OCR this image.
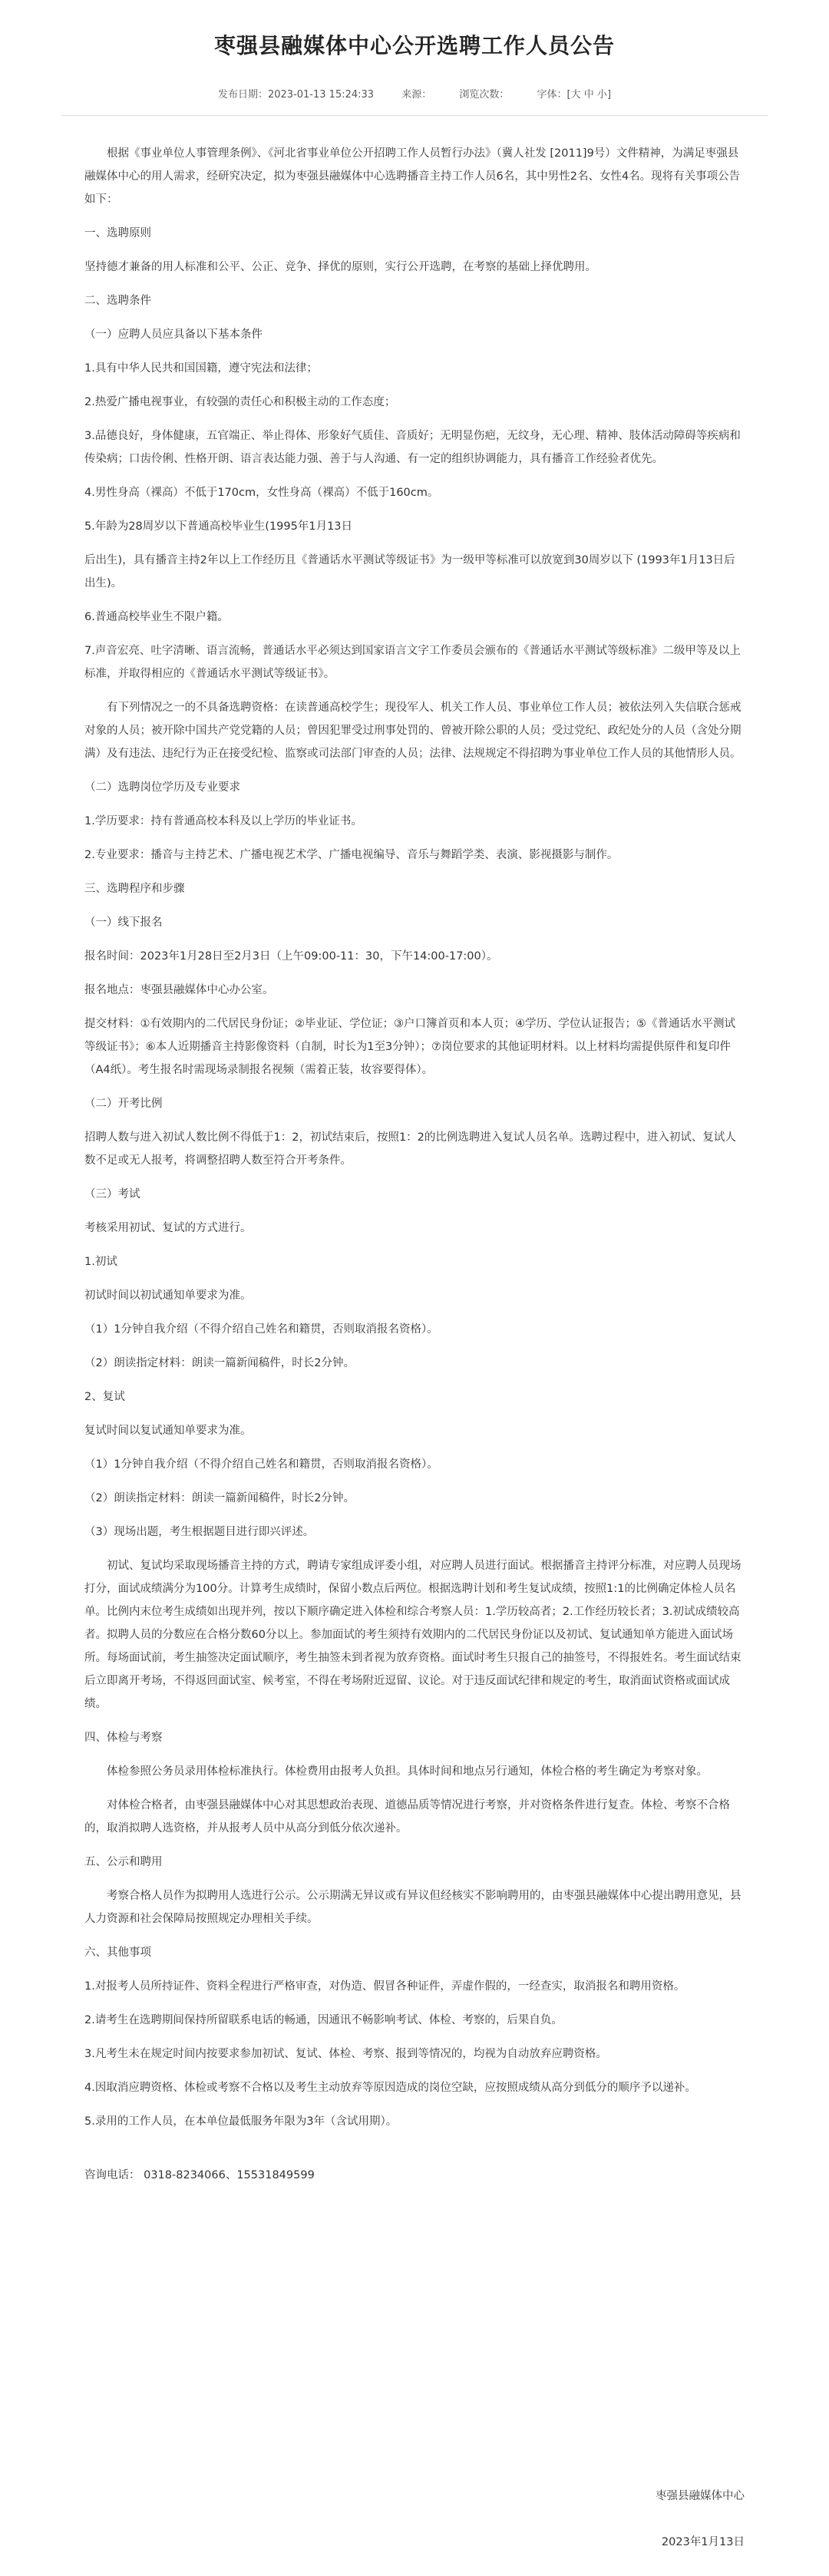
枣强县融媒体中心公开选聘工作人员公告
发布日期：2023-01-13 15:24:33	来源：	浏览次数：	字体：[大 中 小]

根据《事业单位人事管理条例》、《河北省事业单位公开招聘工作人员暂行办法》（冀人社发 [2011]9号）文件精神，为满足枣强县融媒体中心的用人需求，经研究决定，拟为枣强县融媒体中心选聘播音主持工作人员6名，其中男性2名、女性4名。现将有关事项公告如下：

一、选聘原则

坚持德才兼备的用人标准和公平、公正、竞争、择优的原则，实行公开选聘，在考察的基础上择优聘用。

二、选聘条件

（一）应聘人员应具备以下基本条件

1.具有中华人民共和国国籍，遵守宪法和法律；

2.热爱广播电视事业，有较强的责任心和积极主动的工作态度；

3.品德良好，身体健康，五官端正、举止得体、形象好气质佳、音质好；无明显伤疤，无纹身，无心理、精神、肢体活动障碍等疾病和传染病；口齿伶俐、性格开朗、语言表达能力强、善于与人沟通、有一定的组织协调能力，具有播音工作经验者优先。

4.男性身高（裸高）不低于170cm，女性身高（裸高）不低于160cm。

5.年龄为28周岁以下普通高校毕业生(1995年1月13日

后出生)，具有播音主持2年以上工作经历且《普通话水平测试等级证书》为一级甲等标准可以放宽到30周岁以下 (1993年1月13日后出生)。

6.普通高校毕业生不限户籍。

7.声音宏亮、吐字清晰、语言流畅，普通话水平必须达到国家语言文字工作委员会颁布的《普通话水平测试等级标准》二级甲等及以上标准，并取得相应的《普通话水平测试等级证书》。

有下列情况之一的不具备选聘资格：在读普通高校学生；现役军人、机关工作人员、事业单位工作人员；被依法列入失信联合惩戒对象的人员；被开除中国共产党党籍的人员；曾因犯罪受过刑事处罚的、曾被开除公职的人员；受过党纪、政纪处分的人员（含处分期满）及有违法、违纪行为正在接受纪检、监察或司法部门审查的人员；法律、法规规定不得招聘为事业单位工作人员的其他情形人员。

（二）选聘岗位学历及专业要求

1.学历要求：持有普通高校本科及以上学历的毕业证书。

2.专业要求：播音与主持艺术、广播电视艺术学、广播电视编导、音乐与舞蹈学类、表演、影视摄影与制作。

三、选聘程序和步骤

（一）线下报名

报名时间：2023年1月28日至2月3日（上午09:00-11：30，下午14:00-17:00）。

报名地点：枣强县融媒体中心办公室。

提交材料：①有效期内的二代居民身份证；②毕业证、学位证；③户口簿首页和本人页；④学历、学位认证报告；⑤《普通话水平测试等级证书》；⑥本人近期播音主持影像资料（自制，时长为1至3分钟）；⑦岗位要求的其他证明材料。以上材料均需提供原件和复印件（A4纸）。考生报名时需现场录制报名视频（需着正装，妆容要得体）。

（二）开考比例

招聘人数与进入初试人数比例不得低于1：2，初试结束后，按照1：2的比例选聘进入复试人员名单。选聘过程中，进入初试、复试人数不足或无人报考，将调整招聘人数至符合开考条件。

（三）考试

考核采用初试、复试的方式进行。

1.初试

初试时间以初试通知单要求为准。

（1）1分钟自我介绍（不得介绍自己姓名和籍贯，否则取消报名资格）。

（2）朗读指定材料：朗读一篇新闻稿件，时长2分钟。

2、复试

复试时间以复试通知单要求为准。

（1）1分钟自我介绍（不得介绍自己姓名和籍贯，否则取消报名资格）。

（2）朗读指定材料：朗读一篇新闻稿件，时长2分钟。

（3）现场出题，考生根据题目进行即兴评述。

初试、复试均采取现场播音主持的方式，聘请专家组成评委小组，对应聘人员进行面试。根据播音主持评分标准，对应聘人员现场打分，面试成绩满分为100分。计算考生成绩时，保留小数点后两位。根据选聘计划和考生复试成绩，按照1:1的比例确定体检人员名单。比例内末位考生成绩如出现并列，按以下顺序确定进入体检和综合考察人员：1.学历较高者；2.工作经历较长者；3.初试成绩较高者。拟聘人员的分数应在合格分数60分以上。参加面试的考生须持有效期内的二代居民身份证以及初试、复试通知单方能进入面试场所。每场面试前，考生抽签决定面试顺序，考生抽签未到者视为放弃资格。面试时考生只报自己的抽签号，不得报姓名。考生面试结束后立即离开考场，不得返回面试室、候考室，不得在考场附近逗留、议论。对于违反面试纪律和规定的考生，取消面试资格或面试成绩。

四、体检与考察

体检参照公务员录用体检标准执行。体检费用由报考人负担。具体时间和地点另行通知，体检合格的考生确定为考察对象。

对体检合格者，由枣强县融媒体中心对其思想政治表现、道德品质等情况进行考察，并对资格条件进行复查。体检、考察不合格的，取消拟聘人选资格，并从报考人员中从高分到低分依次递补。

五、公示和聘用

考察合格人员作为拟聘用人选进行公示。公示期满无异议或有异议但经核实不影响聘用的，由枣强县融媒体中心提出聘用意见，县人力资源和社会保障局按照规定办理相关手续。

六、其他事项

1.对报考人员所持证件、资料全程进行严格审查，对伪造、假冒各种证件，弄虚作假的，一经查实，取消报名和聘用资格。

2.请考生在选聘期间保持所留联系电话的畅通，因通讯不畅影响考试、体检、考察的，后果自负。

3.凡考生未在规定时间内按要求参加初试、复试、体检、考察、报到等情况的，均视为自动放弃应聘资格。

4.因取消应聘资格、体检或考察不合格以及考生主动放弃等原因造成的岗位空缺，应按照成绩从高分到低分的顺序予以递补。

5.录用的工作人员，在本单位最低服务年限为3年（含试用期）。

咨询电话： 0318-8234066、15531849599

枣强县融媒体中心
2023年1月13日
